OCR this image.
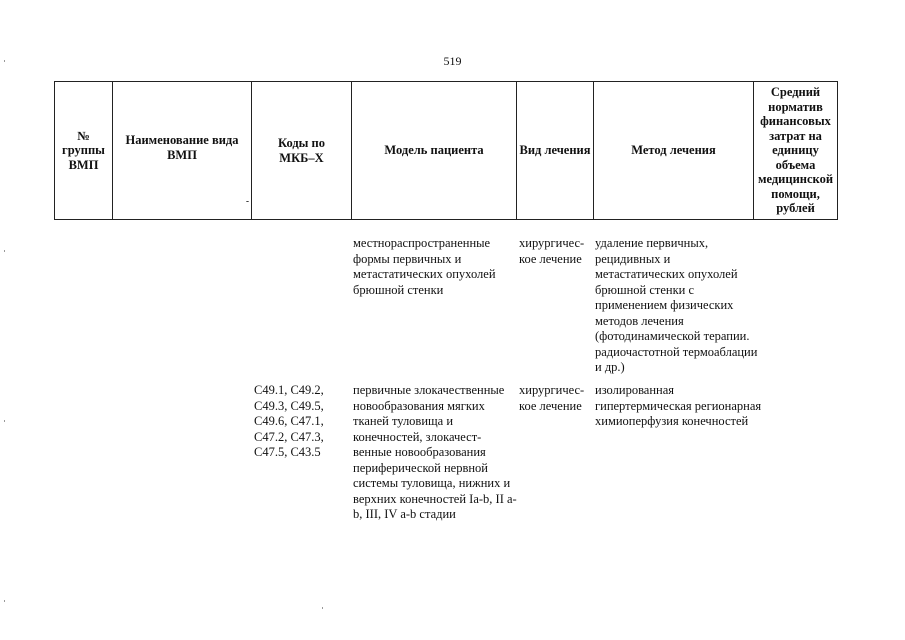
519
№ группы ВМП
Наименование вида ВМП
-
Коды по МКБ–X
Модель пациента	Вид лечения	Метод лечения
Средний норматив финансовых затрат на единицу объема медицинской помощи, рублей
местнораспространенные формы первичных и метастатических опухолей брюшной стенки
хирургичес-кое лечение
удаление первичных, рецидивных и метастатических опухолей брюшной стенки с применением физических методов лечения (фотодинамической терапии. радиочастотной термоаблации и др.)
C49.1, C49.2, C49.3, C49.5, C49.6, C47.1, C47.2, C47.3, C47.5, C43.5
первичные злокачественные новообразования мягких тканей туловища и конечностей, злокачест-венные новообразования периферической нервной системы туловища, нижних и верхних конечностей Ia-b, II a-b, III, IV a-b стадии
хирургичес-кое лечение
изолированная гипертермическая регионарная химиоперфузия конечностей
